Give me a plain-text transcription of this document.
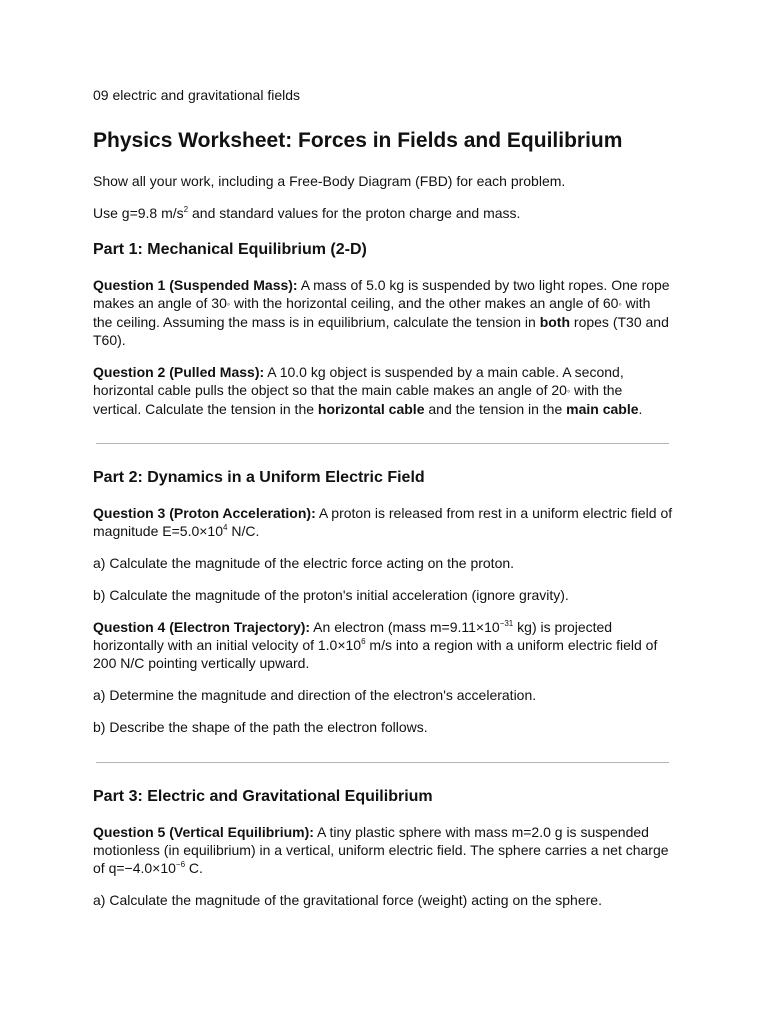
09 electric and gravitational fields

Physics Worksheet: Forces in Fields and Equilibrium

Show all your work, including a Free-Body Diagram (FBD) for each problem.

Use g=9.8 $m/s^2$ and standard values for the proton charge and mass.

Part 1: Mechanical Equilibrium (2-D)

Question 1 (Suspended Mass): A mass of 5.0 kg is suspended by two light ropes. One rope makes an angle of 30◦ with the horizontal ceiling, and the other makes an angle of 60◦ with the ceiling. Assuming the mass is in equilibrium, calculate the tension in both ropes (T30 and T60).

Question 2 (Pulled Mass): A 10.0 kg object is suspended by a main cable. A second, horizontal cable pulls the object so that the main cable makes an angle of 20◦ with the vertical. Calculate the tension in the horizontal cable and the tension in the main cable.

Part 2: Dynamics in a Uniform Electric Field

Question 3 (Proton Acceleration): A proton is released from rest in a uniform electric field of magnitude $E=5.0\times 10^4$ N/C.

a) Calculate the magnitude of the electric force acting on the proton.

b) Calculate the magnitude of the proton's initial acceleration (ignore gravity).

Question 4 (Electron Trajectory): An electron (mass $m=9.11\times 10^{-31}$ kg) is projected horizontally with an initial velocity of $1.0\times 10^6$ m/s into a region with a uniform electric field of 200 N/C pointing vertically upward.

a) Determine the magnitude and direction of the electron's acceleration.

b) Describe the shape of the path the electron follows.

Part 3: Electric and Gravitational Equilibrium

Question 5 (Vertical Equilibrium): A tiny plastic sphere with mass m=2.0 g is suspended motionless (in equilibrium) in a vertical, uniform electric field. The sphere carries a net charge of $q=-4.0\times 10^{-6}$ C.

a) Calculate the magnitude of the gravitational force (weight) acting on the sphere.
